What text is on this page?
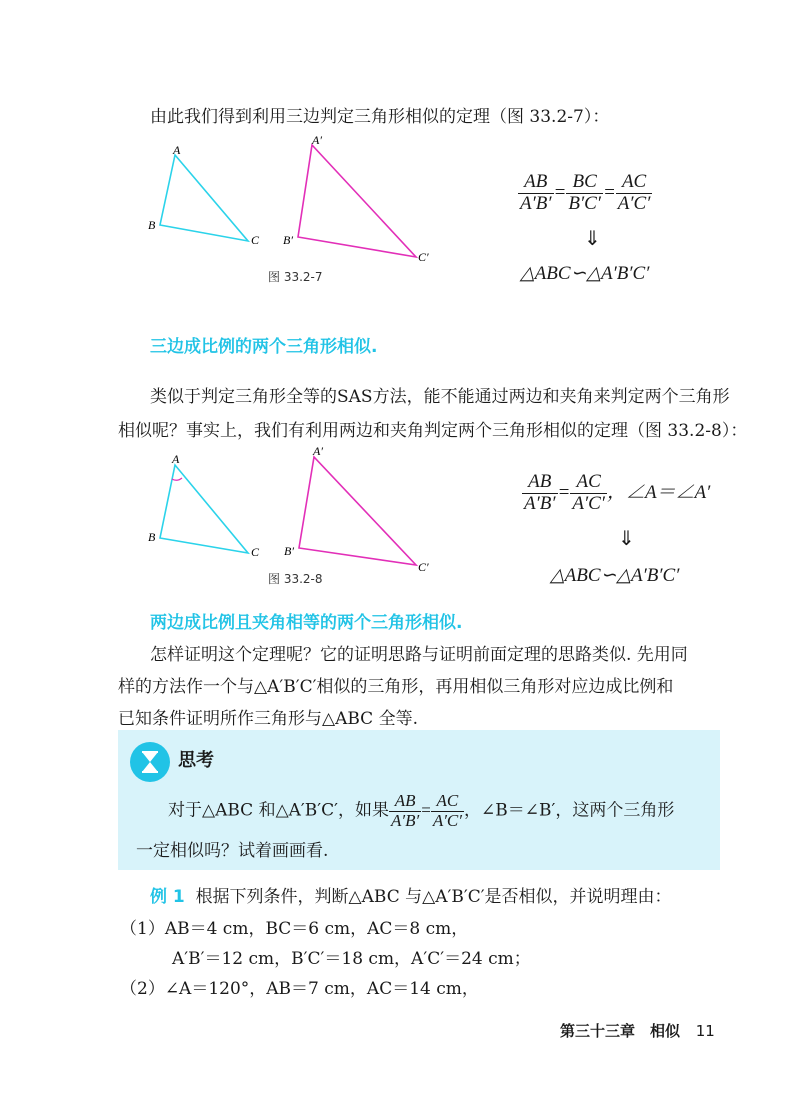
由此我们得到利用三边判定三角形相似的定理（图 33.2-7）：
A
B
C
A′
B′
C′
图 33.2-7
$\frac{AB}{A'B'} = \frac{BC}{B'C'} = \frac{AC}{A'C'}$
⇓
△ABC∽△A′B′C′
三边成比例的两个三角形相似.
类似于判定三角形全等的SAS方法，能不能通过两边和夹角来判定两个三角形
相似呢？事实上，我们有利用两边和夹角判定两个三角形相似的定理（图 33.2-8）：
A
B
C
A′
B′
C′
图 33.2-8
$\frac{AB}{A'B'} = \frac{AC}{A'C'}$ ，∠A＝∠A′
⇓
△ABC∽△A′B′C′
两边成比例且夹角相等的两个三角形相似.
怎样证明这个定理呢？它的证明思路与证明前面定理的思路类似. 先用同
样的方法作一个与△A′B′C′相似的三角形，再用相似三角形对应边成比例和
已知条件证明所作三角形与△ABC 全等.
思考
对于△ABC 和△A′B′C′，如果 $\frac{AB}{A'B'} = \frac{AC}{A'C'}$ ，∠B＝∠B′，这两个三角形
一定相似吗？试着画画看.
例 1 根据下列条件，判断△ABC 与△A′B′C′是否相似，并说明理由：
（1）AB＝4 cm，BC＝6 cm，AC＝8 cm，
A′B′＝12 cm，B′C′＝18 cm，A′C′＝24 cm；
（2）∠A＝120°，AB＝7 cm，AC＝14 cm，
第三十三章　相似 11
